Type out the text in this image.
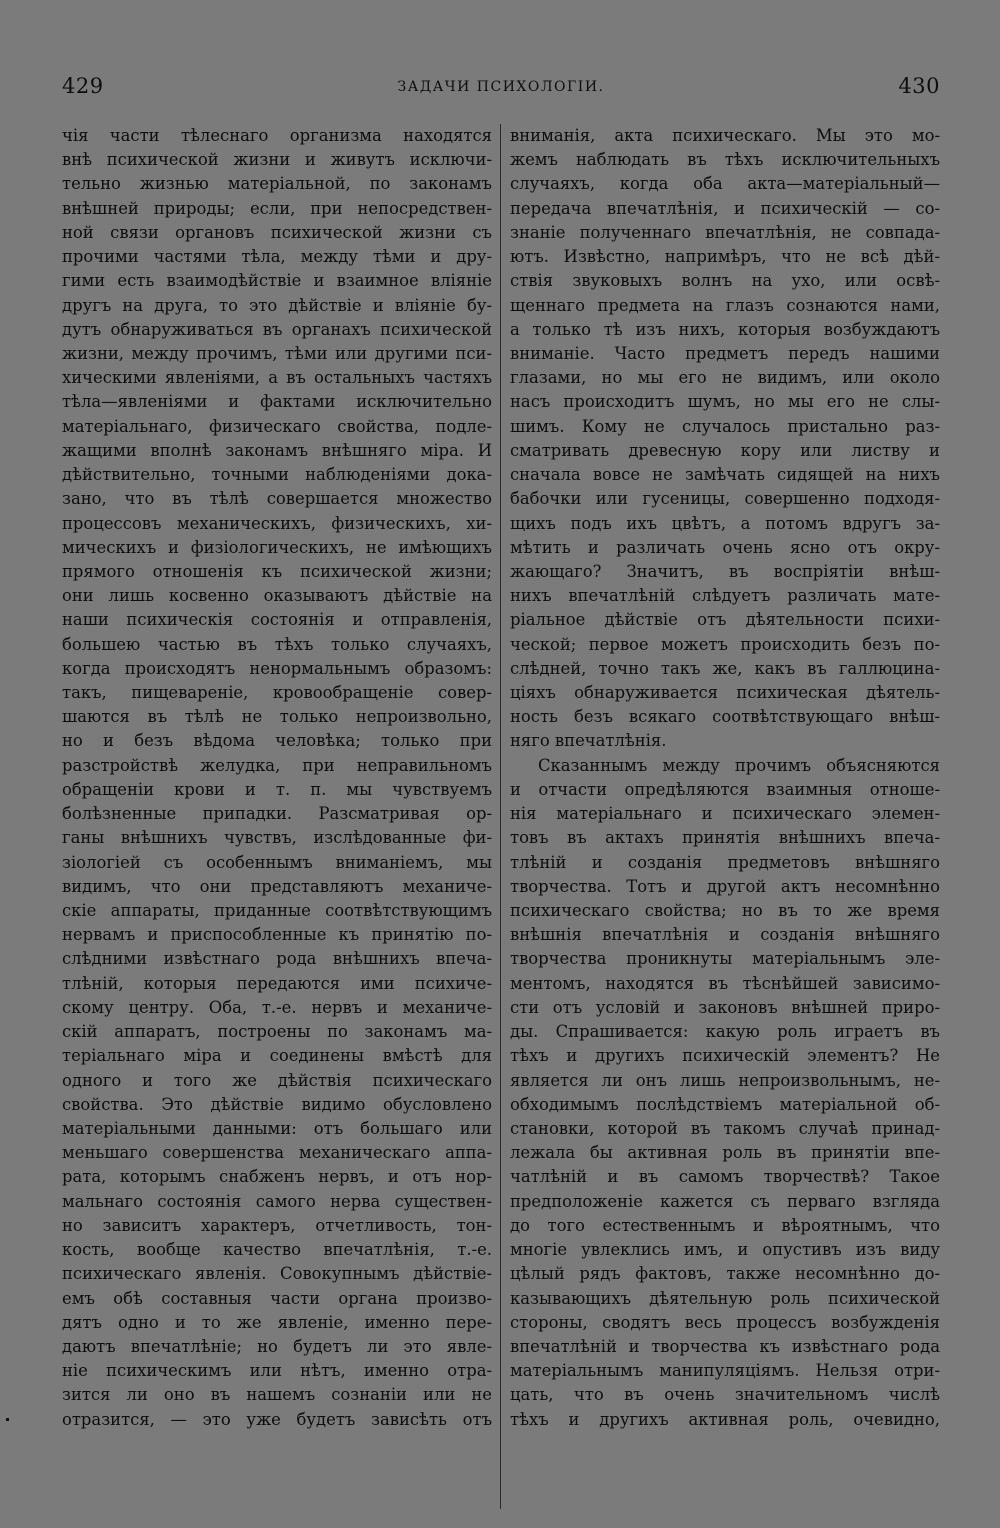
429	ЗАДАЧИ ПСИХОЛОГІИ.	430
чія части тѣлеснаго организма находятся
внѣ психической жизни и живутъ исключи-
тельно жизнью матеріальной, по законамъ
внѣшней природы; если, при непосредствен-
ной связи органовъ психической жизни съ
прочими частями тѣла, между тѣми и дру-
гими есть взаимодѣйствіе и взаимное вліяніе
другъ на друга, то это дѣйствіе и вліяніе бу-
дутъ обнаруживаться въ органахъ психической
жизни, между прочимъ, тѣми или другими пси-
хическими явленіями, а въ остальныхъ частяхъ
тѣла—явленіями и фактами исключительно
матеріальнаго, физическаго свойства, подле-
жащими вполнѣ законамъ внѣшняго міра. И
дѣйствительно, точными наблюденіями дока-
зано, что въ тѣлѣ совершается множество
процессовъ механическихъ, физическихъ, хи-
мическихъ и физіологическихъ, не имѣющихъ
прямого отношенія къ психической жизни;
они лишь косвенно оказываютъ дѣйствіе на
наши психическія состоянія и отправленія,
большею частью въ тѣхъ только случаяхъ,
когда происходятъ ненормальнымъ образомъ:
такъ, пищевареніе, кровообращеніе совер-
шаются въ тѣлѣ не только непроизвольно,
но и безъ вѣдома человѣка; только при
разстройствѣ желудка, при неправильномъ
обращеніи крови и т. п. мы чувствуемъ
болѣзненные припадки. Разсматривая ор-
ганы внѣшнихъ чувствъ, изслѣдованные фи-
зіологіей съ особеннымъ вниманіемъ, мы
видимъ, что они представляютъ механиче-
скіе аппараты, приданные соотвѣтствующимъ
нервамъ и приспособленные къ принятію по-
слѣдними извѣстнаго рода внѣшнихъ впеча-
тлѣній, которыя передаются ими психиче-
скому центру. Оба, т.-е. нервъ и механиче-
скій аппаратъ, построены по законамъ ма-
теріальнаго міра и соединены вмѣстѣ для
одного и того же дѣйствія психическаго
свойства. Это дѣйствіе видимо обусловлено
матеріальными данными: отъ большаго или
меньшаго совершенства механическаго аппа-
рата, которымъ снабженъ нервъ, и отъ нор-
мальнаго состоянія самого нерва существен-
но зависитъ характеръ, отчетливость, тон-
кость, вообще качество впечатлѣнія, т.-е.
психическаго явленія. Совокупнымъ дѣйствіе-
емъ обѣ составныя части органа произво-
дятъ одно и то же явленіе, именно пере-
даютъ впечатлѣніе; но будетъ ли это явле-
ніе психическимъ или нѣтъ, именно отра-
зится ли оно въ нашемъ сознаніи или не
отразится, — это уже будетъ зависѣть отъ
вниманія, акта психическаго. Мы это мо-
жемъ наблюдать въ тѣхъ исключительныхъ
случаяхъ, когда оба акта—матеріальный—
передача впечатлѣнія, и психическій — со-
знаніе полученнаго впечатлѣнія, не совпада-
ютъ. Извѣстно, напримѣръ, что не всѣ дѣй-
ствія звуковыхъ волнъ на ухо, или освѣ-
щеннаго предмета на глазъ сознаются нами,
а только тѣ изъ нихъ, которыя возбуждаютъ
вниманіе. Часто предметъ передъ нашими
глазами, но мы его не видимъ, или около
насъ происходитъ шумъ, но мы его не слы-
шимъ. Кому не случалось пристально раз-
сматривать древесную кору или листву и
сначала вовсе не замѣчать сидящей на нихъ
бабочки или гусеницы, совершенно подходя-
щихъ подъ ихъ цвѣтъ, а потомъ вдругъ за-
мѣтить и различать очень ясно отъ окру-
жающаго? Значитъ, въ воспріятіи внѣш-
нихъ впечатлѣній слѣдуетъ различать мате-
ріальное дѣйствіе отъ дѣятельности психи-
ческой; первое можетъ происходить безъ по-
слѣдней, точно такъ же, какъ въ галлюцина-
ціяхъ обнаруживается психическая дѣятель-
ность безъ всякаго соотвѣтствующаго внѣш-
няго впечатлѣнія.
Сказаннымъ между прочимъ объясняются
и отчасти опредѣляются взаимныя отноше-
нія матеріальнаго и психическаго элемен-
товъ въ актахъ принятія внѣшнихъ впеча-
тлѣній и созданія предметовъ внѣшняго
творчества. Тотъ и другой актъ несомнѣнно
психическаго свойства; но въ то же время
внѣшнія впечатлѣнія и созданія внѣшняго
творчества проникнуты матеріальнымъ эле-
ментомъ, находятся въ тѣснѣйшей зависимо-
сти отъ условій и законовъ внѣшней приро-
ды. Спрашивается: какую роль играетъ въ
тѣхъ и другихъ психическій элементъ? Не
является ли онъ лишь непроизвольнымъ, не-
обходимымъ послѣдствіемъ матеріальной об-
становки, которой въ такомъ случаѣ принад-
лежала бы активная роль въ принятіи впе-
чатлѣній и въ самомъ творчествѣ? Такое
предположеніе кажется съ перваго взгляда
до того естественнымъ и вѣроятнымъ, что
многіе увлеклись имъ, и опустивъ изъ виду
цѣлый рядъ фактовъ, также несомнѣнно до-
казывающихъ дѣятельную роль психической
стороны, сводятъ весь процессъ возбужденія
впечатлѣній и творчества къ извѣстнаго рода
матеріальнымъ манипуляціямъ. Нельзя отри-
цать, что въ очень значительномъ числѣ
тѣхъ и другихъ активная роль, очевидно,
